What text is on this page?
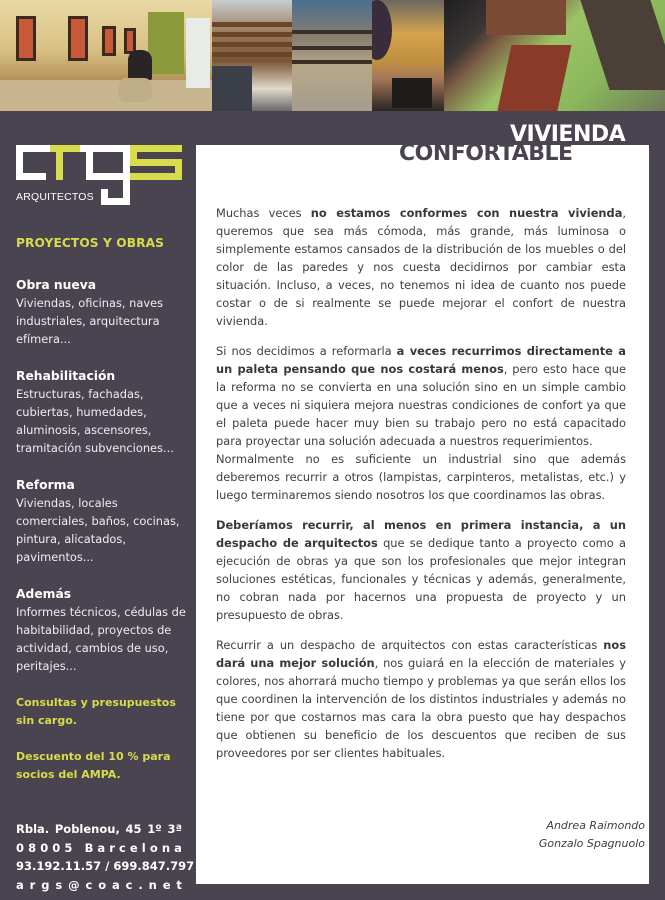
ARQUITECTOS
VIVIENDA
CONFORTABLE
PROYECTOS Y OBRAS
Obra nueva
Viviendas, oficinas, naves industriales, arquitectura efímera...
Rehabilitación
Estructuras, fachadas, cubiertas, humedades, aluminosis, ascensores, tramitación subvenciones...
Reforma
Viviendas, locales comerciales, baños, cocinas, pintura, alicatados, pavimentos...
Además
Informes técnicos, cédulas de habitabilidad, proyectos de actividad, cambios de uso, peritajes...
Consultas y presupuestos sin cargo.
Descuento del 10 % para socios del AMPA.
Rbla. Poblenou, 45 1º 3ª
0 8 0 0 5
B a r c e l o n a
93.192.11.57 / 699.847.797
a r g s @ c o a c . n e t

Muchas veces no estamos conformes con nuestra vivienda, queremos que sea más cómoda, más grande, más luminosa o simplemente estamos cansados de la distribución de los muebles o del color de las paredes y nos cuesta decidirnos por cambiar esta situación. Incluso, a veces, no tenemos ni idea de cuanto nos puede costar o de si realmente se puede mejorar el confort de nuestra vivienda.

Si nos decidimos a reformarla a veces recurrimos directamente a un paleta pensando que nos costará menos, pero esto hace que la reforma no se convierta en una solución sino en un simple cambio que a veces ni siquiera mejora nuestras condiciones de confort ya que el paleta puede hacer muy bien su trabajo pero no está capacitado para proyectar una solución adecuada a nuestros requerimientos.

Normalmente no es suficiente un industrial sino que además deberemos recurrir a otros (lampistas, carpinteros, metalistas, etc.) y luego terminaremos siendo nosotros los que coordinamos las obras.

Deberíamos recurrir, al menos en primera instancia, a un despacho de arquitectos que se dedique tanto a proyecto como a ejecución de obras ya que son los profesionales que mejor integran soluciones estéticas, funcionales y técnicas y además, generalmente, no cobran nada por hacernos una propuesta de proyecto y un presupuesto de obras.

Recurrir a un despacho de arquitectos con estas características nos dará una mejor solución, nos guiará en la elección de materiales y colores, nos ahorrará mucho tiempo y problemas ya que serán ellos los que coordinen la intervención de los distintos industriales y además no tiene por que costarnos mas cara la obra puesto que hay despachos que obtienen su beneficio de los descuentos que reciben de sus proveedores por ser clientes habituales.

Andrea Raimondo
Gonzalo Spagnuolo
